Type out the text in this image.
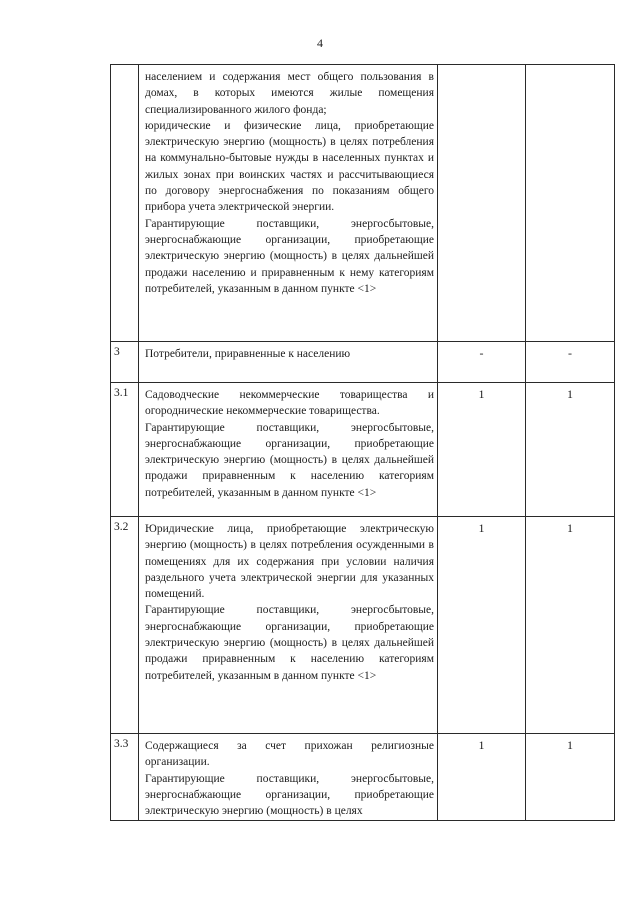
4

	населением и содержания мест общего пользования в домах, в которых имеются жилые помещения специализированного жилого фонда;

юридические и физические лица, приобретающие электрическую энергию (мощность) в целях потребления на коммунально-бытовые нужды в населенных пунктах и жилых зонах при воинских частях и рассчитывающиеся по договору энергоснабжения по показаниям общего прибора учета электрической энергии.

Гарантирующие поставщики, энергосбытовые, энергоснабжающие организации, приобретающие электрическую энергию (мощность) в целях дальнейшей продажи населению и приравненным к нему категориям потребителей, указанным в данном пункте <1>		

3	Потребители, приравненные к населению	-	-

3.1	Садоводческие некоммерческие товарищества и огороднические некоммерческие товарищества.

Гарантирующие поставщики, энергосбытовые, энергоснабжающие организации, приобретающие электрическую энергию (мощность) в целях дальнейшей продажи приравненным к населению категориям потребителей, указанным в данном пункте <1>	1	1

3.2	Юридические лица, приобретающие электрическую энергию (мощность) в целях потребления осужденными в помещениях для их содержания при условии наличия раздельного учета электрической энергии для указанных помещений.

Гарантирующие поставщики, энергосбытовые, энергоснабжающие организации, приобретающие электрическую энергию (мощность) в целях дальнейшей продажи приравненным к населению категориям потребителей, указанным в данном пункте <1>	1	1

3.3	Содержащиеся за счет прихожан религиозные организации.

Гарантирующие поставщики, энергосбытовые, энергоснабжающие организации, приобретающие электрическую энергию (мощность) в целях	1	1
